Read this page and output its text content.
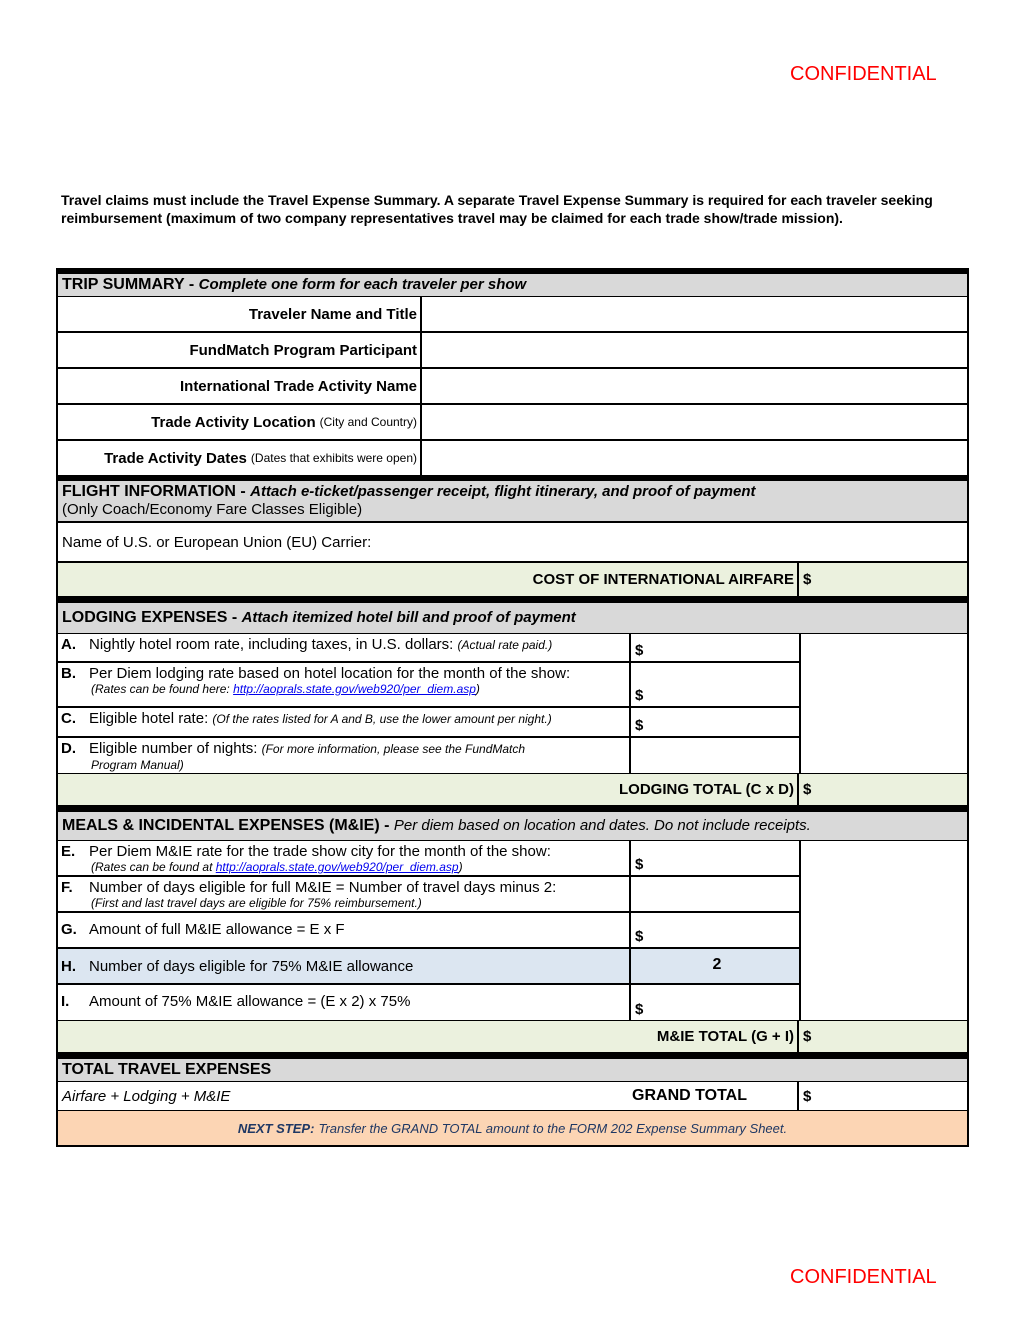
CONFIDENTIAL
Travel claims must include the Travel Expense Summary. A separate Travel Expense Summary is required for each traveler seeking reimbursement (maximum of two company representatives travel may be claimed for each trade show/trade mission).
TRIP SUMMARY - Complete one form for each traveler per show
Traveler Name and Title
FundMatch Program Participant
International Trade Activity Name
Trade Activity Location (City and Country)
Trade Activity Dates (Dates that exhibits were open)
FLIGHT INFORMATION - Attach e-ticket/passenger receipt, flight itinerary, and proof of payment
(Only Coach/Economy Fare Classes Eligible)
Name of U.S. or European Union (EU) Carrier:
COST OF INTERNATIONAL AIRFARE $
LODGING EXPENSES - Attach itemized hotel bill and proof of payment
A. Nightly hotel room rate, including taxes, in U.S. dollars: (Actual rate paid.)	$
B. Per Diem lodging rate based on hotel location for the month of the show:
(Rates can be found here: http://aoprals.state.gov/web920/per_diem.asp)	$
C. Eligible hotel rate: (Of the rates listed for A and B, use the lower amount per night.)	$
D. Eligible number of nights: (For more information, please see the FundMatch
Program Manual)
LODGING TOTAL (C x D) $
MEALS & INCIDENTAL EXPENSES (M&IE) - Per diem based on location and dates. Do not include receipts.
E. Per Diem M&IE rate for the trade show city for the month of the show:
(Rates can be found at http://aoprals.state.gov/web920/per_diem.asp)	$
F. Number of days eligible for full M&IE = Number of travel days minus 2:
(First and last travel days are eligible for 75% reimbursement.)
G. Amount of full M&IE allowance = E x F	$
H. Number of days eligible for 75% M&IE allowance	2
I. Amount of 75% M&IE allowance = (E x 2) x 75%	$
M&IE TOTAL (G + I) $
TOTAL TRAVEL EXPENSES
Airfare + Lodging + M&IE	GRAND TOTAL	$
NEXT STEP: Transfer the GRAND TOTAL amount to the FORM 202 Expense Summary Sheet.
CONFIDENTIAL
